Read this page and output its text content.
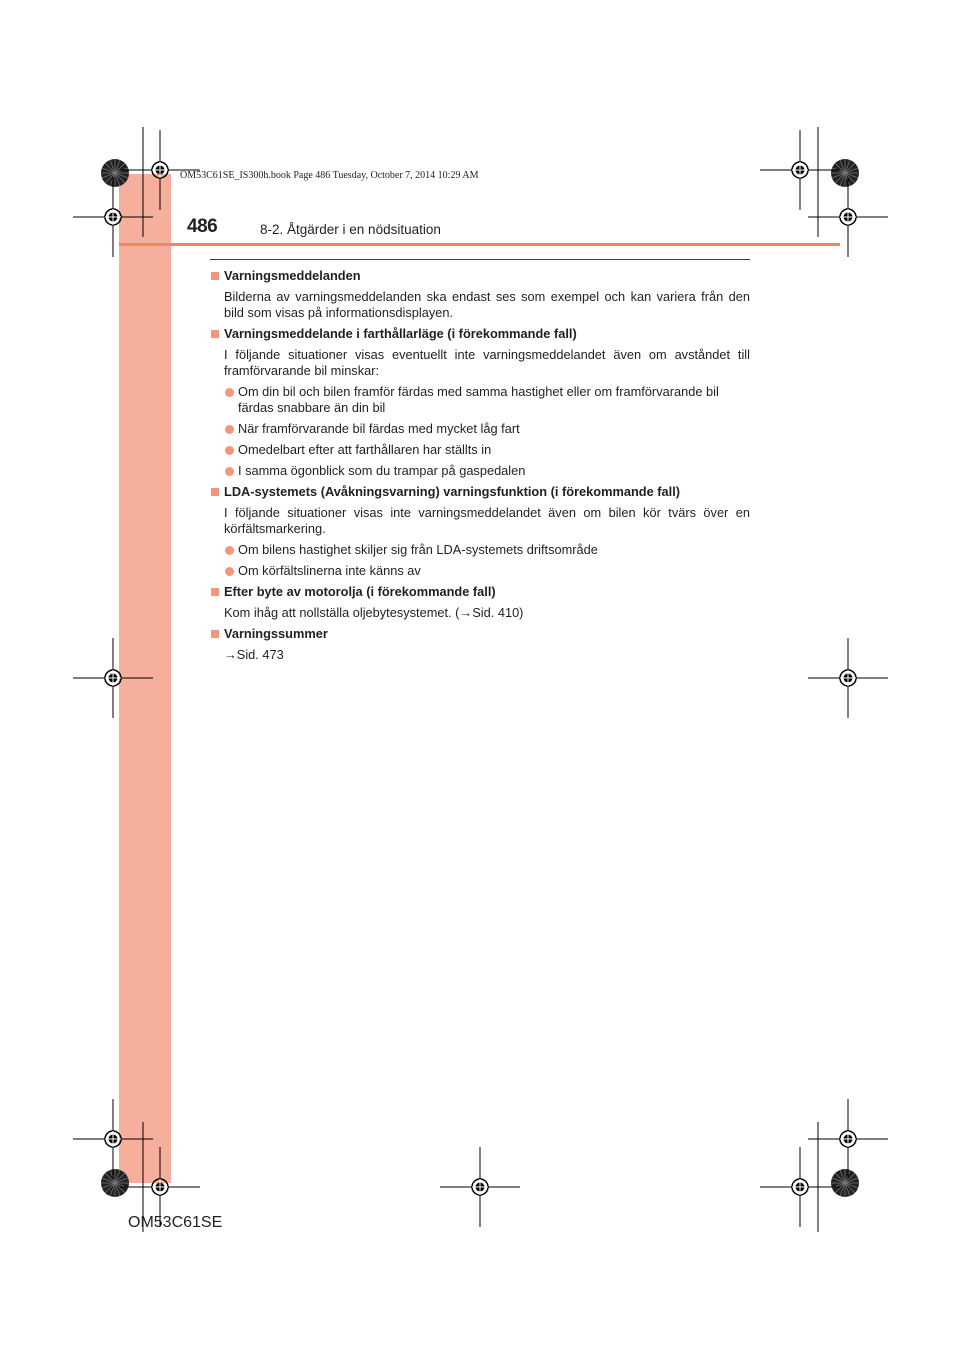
OM53C61SE_IS300h.book Page 486 Tuesday, October 7, 2014 10:29 AM
486	8-2. Åtgärder i en nödsituation
Varningsmeddelanden
Bilderna av varningsmeddelanden ska endast ses som exempel och kan variera från den bild som visas på informationsdisplayen.
Varningsmeddelande i farthållarläge (i förekommande fall)
I följande situationer visas eventuellt inte varningsmeddelandet även om avståndet till framförvarande bil minskar:
Om din bil och bilen framför färdas med samma hastighet eller om framförvarande bil färdas snabbare än din bil
När framförvarande bil färdas med mycket låg fart
Omedelbart efter att farthållaren har ställts in
I samma ögonblick som du trampar på gaspedalen
LDA-systemets (Avåkningsvarning) varningsfunktion (i förekommande fall)
I följande situationer visas inte varningsmeddelandet även om bilen kör tvärs över en körfältsmarkering.
Om bilens hastighet skiljer sig från LDA-systemets driftsområde
Om körfältslinerna inte känns av
Efter byte av motorolja (i förekommande fall)
Kom ihåg att nollställa oljebytesystemet. (→Sid. 410)
Varningssummer
→Sid. 473
OM53C61SE
